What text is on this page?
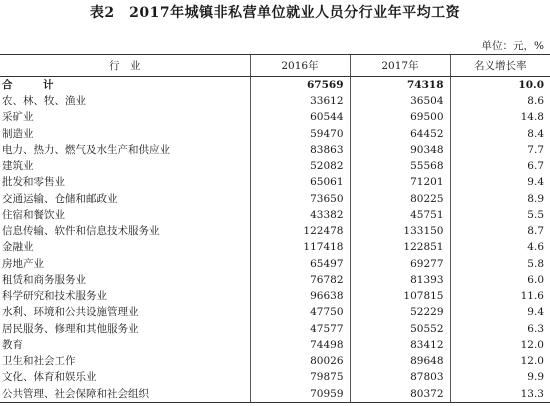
表2　2017年城镇非私营单位就业人员分行业年平均工资
单位：元，%
行　业	2016年	2017年	名义增长率
合　计	67569	74318	10.0
农、林、牧、渔业	33612	36504	8.6
采矿业	60544	69500	14.8
制造业	59470	64452	8.4
电力、热力、燃气及水生产和供应业	83863	90348	7.7
建筑业	52082	55568	6.7
批发和零售业	65061	71201	9.4
交通运输、仓储和邮政业	73650	80225	8.9
住宿和餐饮业	43382	45751	5.5
信息传输、软件和信息技术服务业	122478	133150	8.7
金融业	117418	122851	4.6
房地产业	65497	69277	5.8
租赁和商务服务业	76782	81393	6.0
科学研究和技术服务业	96638	107815	11.6
水利、环境和公共设施管理业	47750	52229	9.4
居民服务、修理和其他服务业	47577	50552	6.3
教育	74498	83412	12.0
卫生和社会工作	80026	89648	12.0
文化、体育和娱乐业	79875	87803	9.9
公共管理、社会保障和社会组织	70959	80372	13.3
